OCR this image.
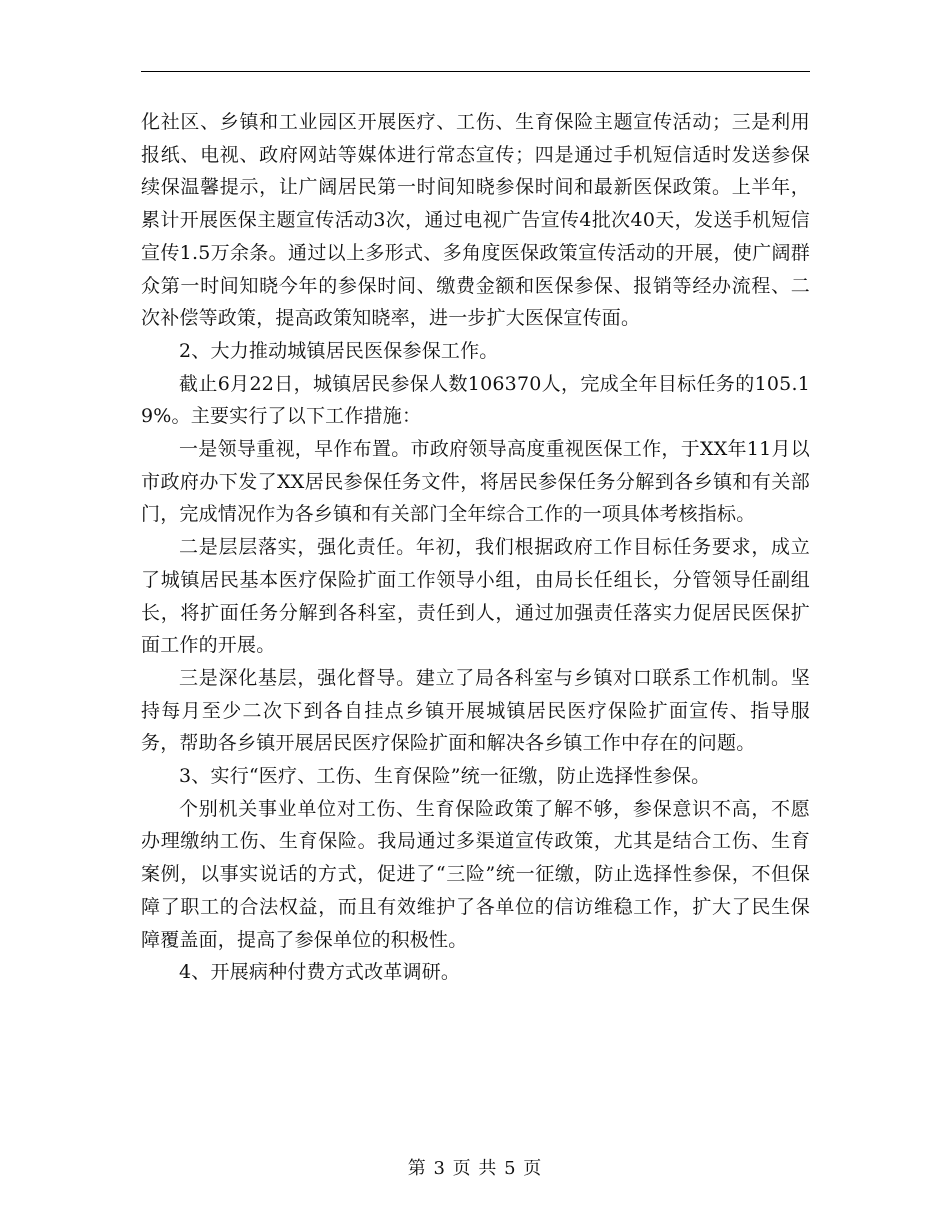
化社区、乡镇和工业园区开展医疗、工伤、生育保险主题宣传活动；三是利用报纸、电视、政府网站等媒体进行常态宣传；四是通过手机短信适时发送参保续保温馨提示，让广阔居民第一时间知晓参保时间和最新医保政策。上半年，累计开展医保主题宣传活动3次，通过电视广告宣传4批次40天，发送手机短信宣传1.5万余条。通过以上多形式、多角度医保政策宣传活动的开展，使广阔群众第一时间知晓今年的参保时间、缴费金额和医保参保、报销等经办流程、二次补偿等政策，提高政策知晓率，进一步扩大医保宣传面。

2、大力推动城镇居民医保参保工作。

截止6月22日，城镇居民参保人数106370人，完成全年目标任务的105.19%。主要实行了以下工作措施：

一是领导重视，早作布置。市政府领导高度重视医保工作，于XX年11月以市政府办下发了XX居民参保任务文件，将居民参保任务分解到各乡镇和有关部门，完成情况作为各乡镇和有关部门全年综合工作的一项具体考核指标。

二是层层落实，强化责任。年初，我们根据政府工作目标任务要求，成立了城镇居民基本医疗保险扩面工作领导小组，由局长任组长，分管领导任副组长，将扩面任务分解到各科室，责任到人，通过加强责任落实力促居民医保扩面工作的开展。

三是深化基层，强化督导。建立了局各科室与乡镇对口联系工作机制。坚持每月至少二次下到各自挂点乡镇开展城镇居民医疗保险扩面宣传、指导服务，帮助各乡镇开展居民医疗保险扩面和解决各乡镇工作中存在的问题。

3、实行“医疗、工伤、生育保险”统一征缴，防止选择性参保。

个别机关事业单位对工伤、生育保险政策了解不够，参保意识不高，不愿办理缴纳工伤、生育保险。我局通过多渠道宣传政策，尤其是结合工伤、生育案例，以事实说话的方式，促进了“三险”统一征缴，防止选择性参保，不但保障了职工的合法权益，而且有效维护了各单位的信访维稳工作，扩大了民生保障覆盖面，提高了参保单位的积极性。

4、开展病种付费方式改革调研。

第 3 页 共 5 页
